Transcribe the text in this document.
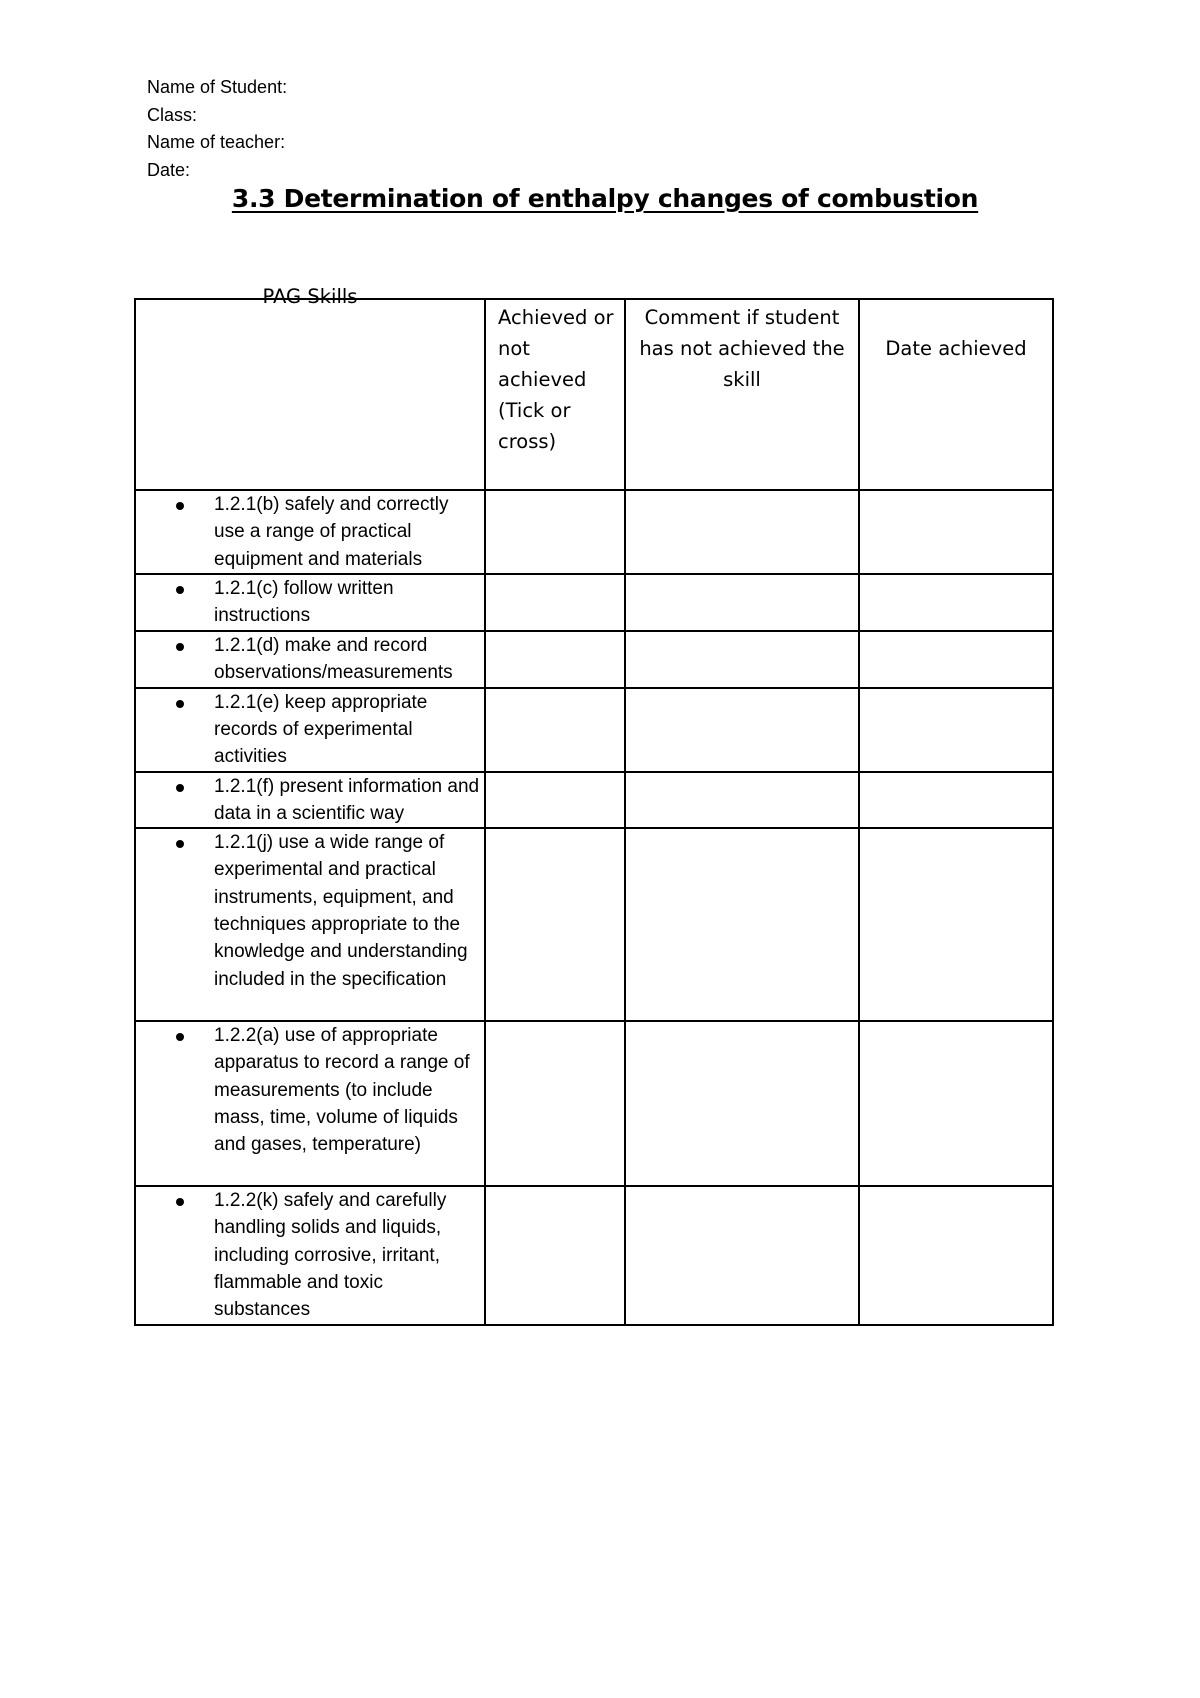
Name of Student:
Class:
Name of teacher:
Date:
3.3 Determination of enthalpy changes of combustion
PAG Skills	Achieved or not achieved (Tick or cross)	Comment if student has not achieved the skill	Date achieved

1.2.1(b) safely and correctly use a range of practical equipment and materials			

1.2.1(c) follow written instructions			

1.2.1(d) make and record observations/measurements			

1.2.1(e) keep appropriate records of experimental activities			

1.2.1(f) present information and data in a scientific way			

1.2.1(j) use a wide range of experimental and practical instruments, equipment, and techniques appropriate to the knowledge and understanding included in the specification			

1.2.2(a) use of appropriate apparatus to record a range of measurements (to include mass, time, volume of liquids and gases, temperature)			

1.2.2(k) safely and carefully handling solids and liquids, including corrosive, irritant, flammable and toxic substances			
